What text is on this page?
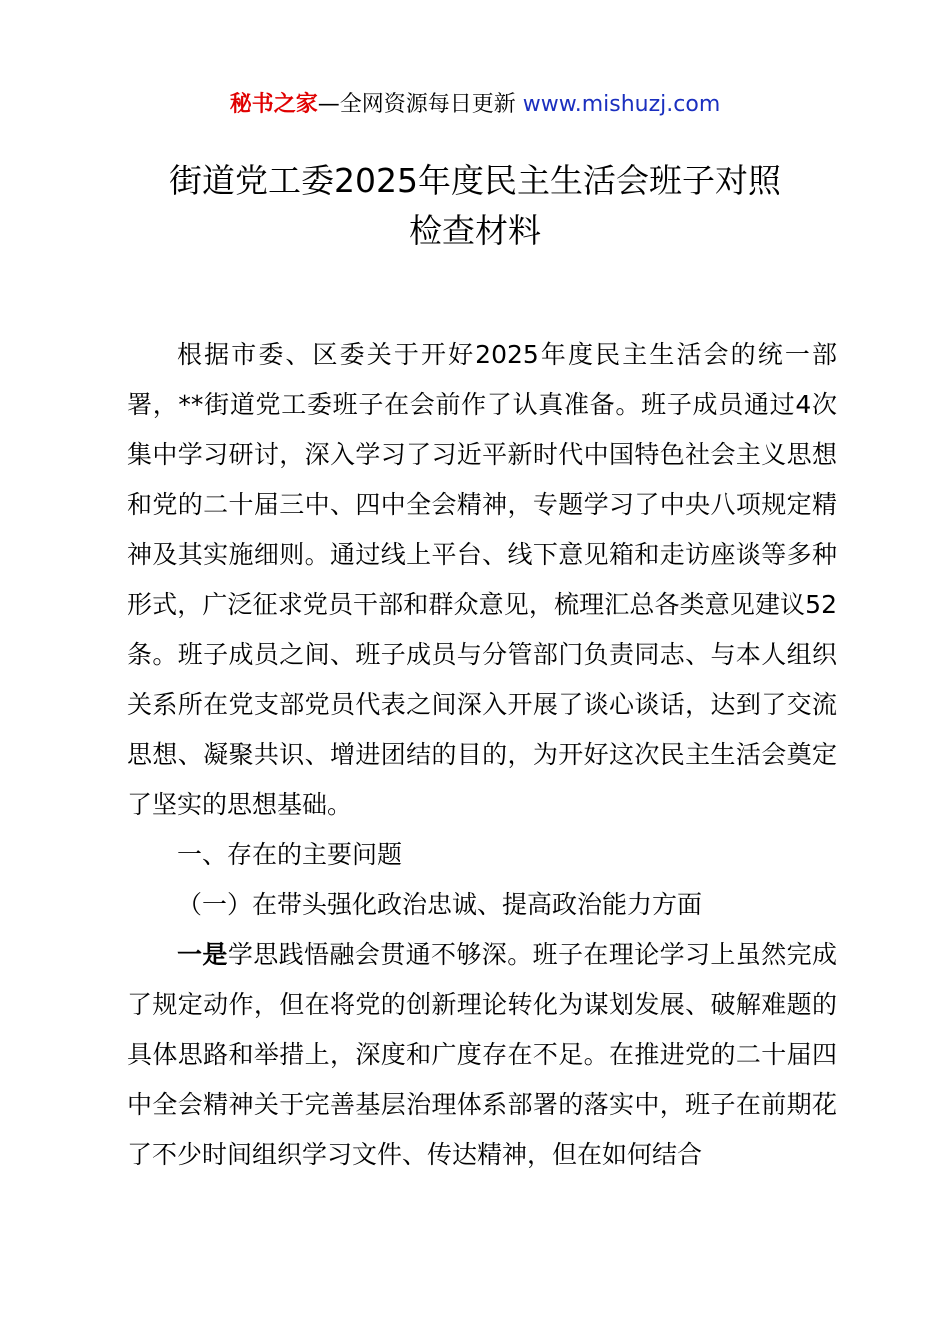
秘书之家—全网资源每日更新 www.mishuzj.com
街道党工委2025年度民主生活会班子对照
检查材料

根据市委、区委关于开好2025年度民主生活会的统一部署，**街道党工委班子在会前作了认真准备。班子成员通过4次集中学习研讨，深入学习了习近平新时代中国特色社会主义思想和党的二十届三中、四中全会精神，专题学习了中央八项规定精神及其实施细则。通过线上平台、线下意见箱和走访座谈等多种形式，广泛征求党员干部和群众意见，梳理汇总各类意见建议52条。班子成员之间、班子成员与分管部门负责同志、与本人组织关系所在党支部党员代表之间深入开展了谈心谈话，达到了交流思想、凝聚共识、增进团结的目的，为开好这次民主生活会奠定了坚实的思想基础。

一、存在的主要问题

（一）在带头强化政治忠诚、提高政治能力方面

一是学思践悟融会贯通不够深。班子在理论学习上虽然完成了规定动作，但在将党的创新理论转化为谋划发展、破解难题的具体思路和举措上，深度和广度存在不足。在推进党的二十届四中全会精神关于完善基层治理体系部署的落实中，班子在前期花了不少时间组织学习文件、传达精神，但在如何结合
